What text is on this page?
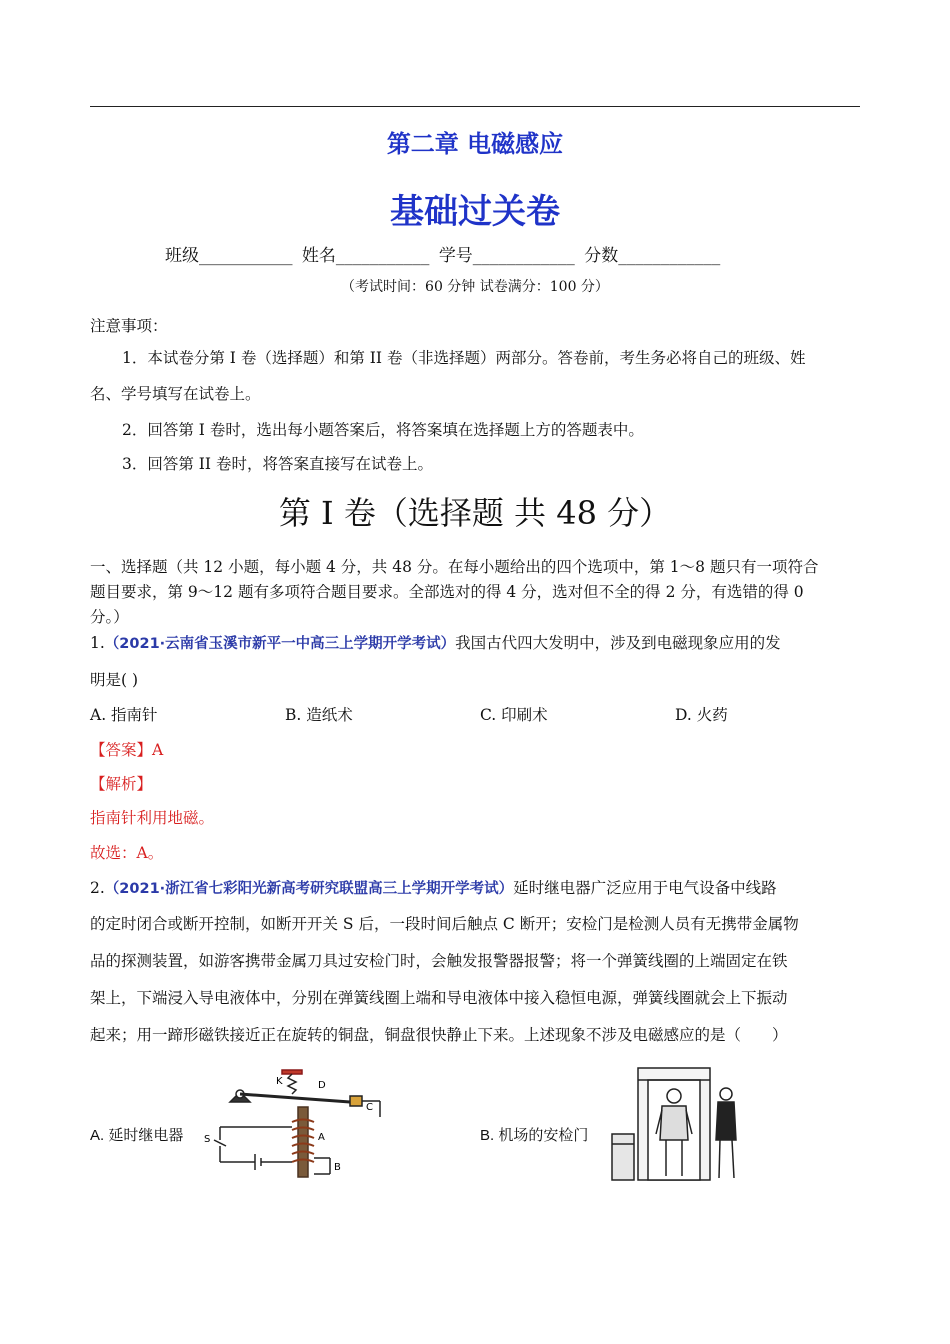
第二章 电磁感应
基础过关卷
班级___________ 姓名___________ 学号____________ 分数____________
（考试时间：60 分钟 试卷满分：100 分）
注意事项：
1．本试卷分第 I 卷（选择题）和第 II 卷（非选择题）两部分。答卷前，考生务必将自己的班级、姓
名、学号填写在试卷上。
2．回答第 I 卷时，选出每小题答案后，将答案填在选择题上方的答题表中。
3．回答第 II 卷时，将答案直接写在试卷上。
第 I 卷（选择题 共 48 分）
一、选择题（共 12 小题，每小题 4 分，共 48 分。在每小题给出的四个选项中，第 1～8 题只有一项符合
题目要求，第 9～12 题有多项符合题目要求。全部选对的得 4 分，选对但不全的得 2 分，有选错的得 0
分。）
1.（2021·云南省玉溪市新平一中高三上学期开学考试）我国古代四大发明中，涉及到电磁现象应用的发
明是( )
A. 指南针	B. 造纸术	C. 印刷术	D. 火药
【答案】A
【解析】
指南针利用地磁。
故选：A。
2.（2021·浙江省七彩阳光新高考研究联盟高三上学期开学考试）延时继电器广泛应用于电气设备中线路
的定时闭合或断开控制，如断开开关 S 后，一段时间后触点 C 断开；安检门是检测人员有无携带金属物
品的探测装置，如游客携带金属刀具过安检门时，会触发报警器报警；将一个弹簧线圈的上端固定在铁
架上，下端浸入导电液体中，分别在弹簧线圈上端和导电液体中接入稳恒电源，弹簧线圈就会上下振动
起来；用一蹄形磁铁接近正在旋转的铜盘，铜盘很快静止下来。上述现象不涉及电磁感应的是（　　）
A. 延时继电器
K	D
C
S	A
B
B. 机场的安检门
